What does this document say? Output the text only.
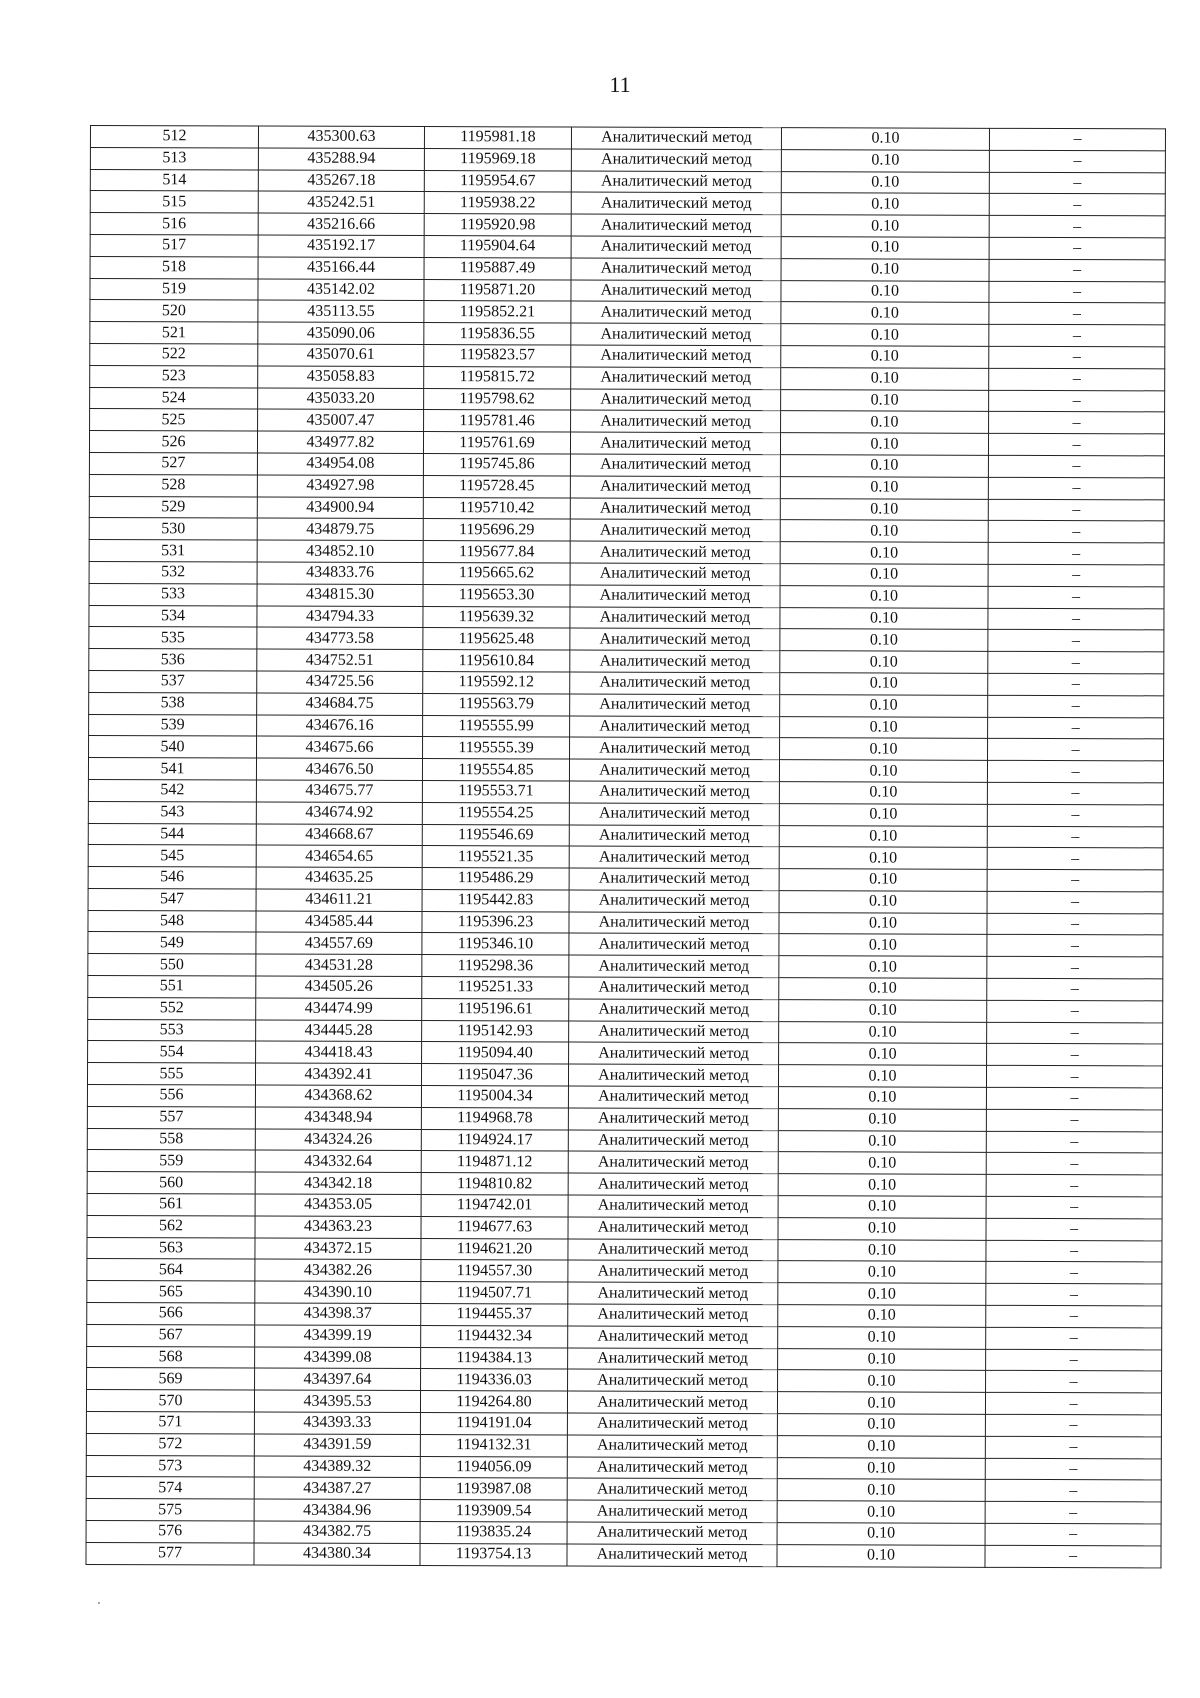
11
512	435300.63	1195981.18	Аналитический метод	0.10	–
513	435288.94	1195969.18	Аналитический метод	0.10	–
514	435267.18	1195954.67	Аналитический метод	0.10	–
515	435242.51	1195938.22	Аналитический метод	0.10	–
516	435216.66	1195920.98	Аналитический метод	0.10	–
517	435192.17	1195904.64	Аналитический метод	0.10	–
518	435166.44	1195887.49	Аналитический метод	0.10	–
519	435142.02	1195871.20	Аналитический метод	0.10	–
520	435113.55	1195852.21	Аналитический метод	0.10	–
521	435090.06	1195836.55	Аналитический метод	0.10	–
522	435070.61	1195823.57	Аналитический метод	0.10	–
523	435058.83	1195815.72	Аналитический метод	0.10	–
524	435033.20	1195798.62	Аналитический метод	0.10	–
525	435007.47	1195781.46	Аналитический метод	0.10	–
526	434977.82	1195761.69	Аналитический метод	0.10	–
527	434954.08	1195745.86	Аналитический метод	0.10	–
528	434927.98	1195728.45	Аналитический метод	0.10	–
529	434900.94	1195710.42	Аналитический метод	0.10	–
530	434879.75	1195696.29	Аналитический метод	0.10	–
531	434852.10	1195677.84	Аналитический метод	0.10	–
532	434833.76	1195665.62	Аналитический метод	0.10	–
533	434815.30	1195653.30	Аналитический метод	0.10	–
534	434794.33	1195639.32	Аналитический метод	0.10	–
535	434773.58	1195625.48	Аналитический метод	0.10	–
536	434752.51	1195610.84	Аналитический метод	0.10	–
537	434725.56	1195592.12	Аналитический метод	0.10	–
538	434684.75	1195563.79	Аналитический метод	0.10	–
539	434676.16	1195555.99	Аналитический метод	0.10	–
540	434675.66	1195555.39	Аналитический метод	0.10	–
541	434676.50	1195554.85	Аналитический метод	0.10	–
542	434675.77	1195553.71	Аналитический метод	0.10	–
543	434674.92	1195554.25	Аналитический метод	0.10	–
544	434668.67	1195546.69	Аналитический метод	0.10	–
545	434654.65	1195521.35	Аналитический метод	0.10	–
546	434635.25	1195486.29	Аналитический метод	0.10	–
547	434611.21	1195442.83	Аналитический метод	0.10	–
548	434585.44	1195396.23	Аналитический метод	0.10	–
549	434557.69	1195346.10	Аналитический метод	0.10	–
550	434531.28	1195298.36	Аналитический метод	0.10	–
551	434505.26	1195251.33	Аналитический метод	0.10	–
552	434474.99	1195196.61	Аналитический метод	0.10	–
553	434445.28	1195142.93	Аналитический метод	0.10	–
554	434418.43	1195094.40	Аналитический метод	0.10	–
555	434392.41	1195047.36	Аналитический метод	0.10	–
556	434368.62	1195004.34	Аналитический метод	0.10	–
557	434348.94	1194968.78	Аналитический метод	0.10	–
558	434324.26	1194924.17	Аналитический метод	0.10	–
559	434332.64	1194871.12	Аналитический метод	0.10	–
560	434342.18	1194810.82	Аналитический метод	0.10	–
561	434353.05	1194742.01	Аналитический метод	0.10	–
562	434363.23	1194677.63	Аналитический метод	0.10	–
563	434372.15	1194621.20	Аналитический метод	0.10	–
564	434382.26	1194557.30	Аналитический метод	0.10	–
565	434390.10	1194507.71	Аналитический метод	0.10	–
566	434398.37	1194455.37	Аналитический метод	0.10	–
567	434399.19	1194432.34	Аналитический метод	0.10	–
568	434399.08	1194384.13	Аналитический метод	0.10	–
569	434397.64	1194336.03	Аналитический метод	0.10	–
570	434395.53	1194264.80	Аналитический метод	0.10	–
571	434393.33	1194191.04	Аналитический метод	0.10	–
572	434391.59	1194132.31	Аналитический метод	0.10	–
573	434389.32	1194056.09	Аналитический метод	0.10	–
574	434387.27	1193987.08	Аналитический метод	0.10	–
575	434384.96	1193909.54	Аналитический метод	0.10	–
576	434382.75	1193835.24	Аналитический метод	0.10	–
577	434380.34	1193754.13	Аналитический метод	0.10	–
